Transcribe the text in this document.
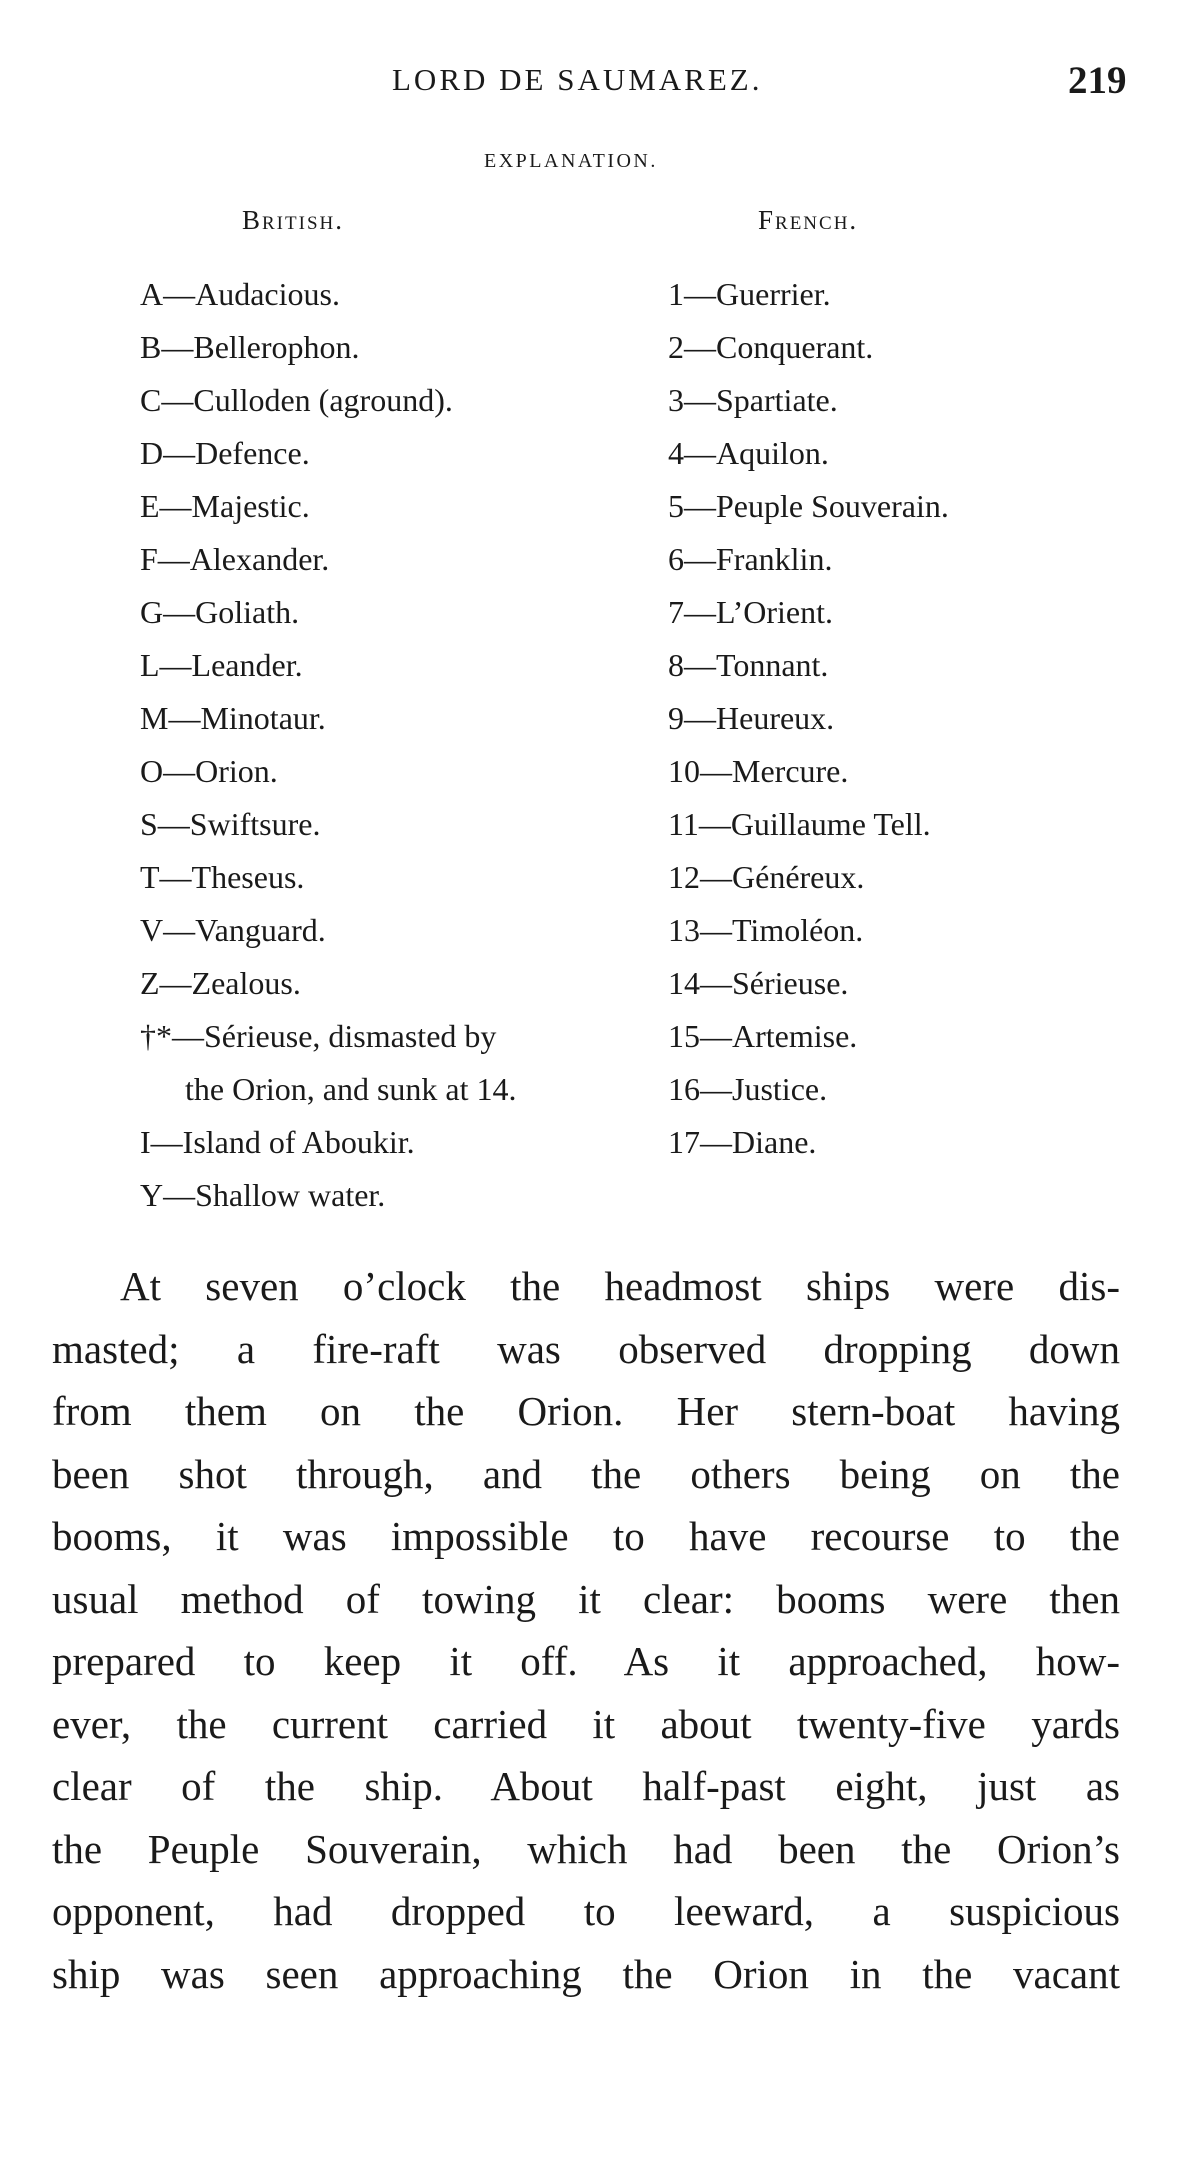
LORD DE SAUMAREZ.	219
EXPLANATION.
British.	French.
A—Audacious.
B—Bellerophon.
C—Culloden (aground).
D—Defence.
E—Majestic.
F—Alexander.
G—Goliath.
L—Leander.
M—Minotaur.
O—Orion.
S—Swiftsure.
T—Theseus.
V—Vanguard.
Z—Zealous.
†*—Sérieuse, dismasted by
the Orion, and sunk at 14.
I—Island of Aboukir.
Y—Shallow water.
1—Guerrier.
2—Conquerant.
3—Spartiate.
4—Aquilon.
5—Peuple Souverain.
6—Franklin.
7—L’Orient.
8—Tonnant.
9—Heureux.
10—Mercure.
11—Guillaume Tell.
12—Généreux.
13—Timoléon.
14—Sérieuse.
15—Artemise.
16—Justice.
17—Diane.
At seven o’clock the headmost ships were dis-
masted; a fire-raft was observed dropping down
from them on the Orion. Her stern-boat having
been shot through, and the others being on the
booms, it was impossible to have recourse to the
usual method of towing it clear: booms were then
prepared to keep it off. As it approached, how-
ever, the current carried it about twenty-five yards
clear of the ship. About half-past eight, just as
the Peuple Souverain, which had been the Orion’s
opponent, had dropped to leeward, a suspicious
ship was seen approaching the Orion in the vacant
